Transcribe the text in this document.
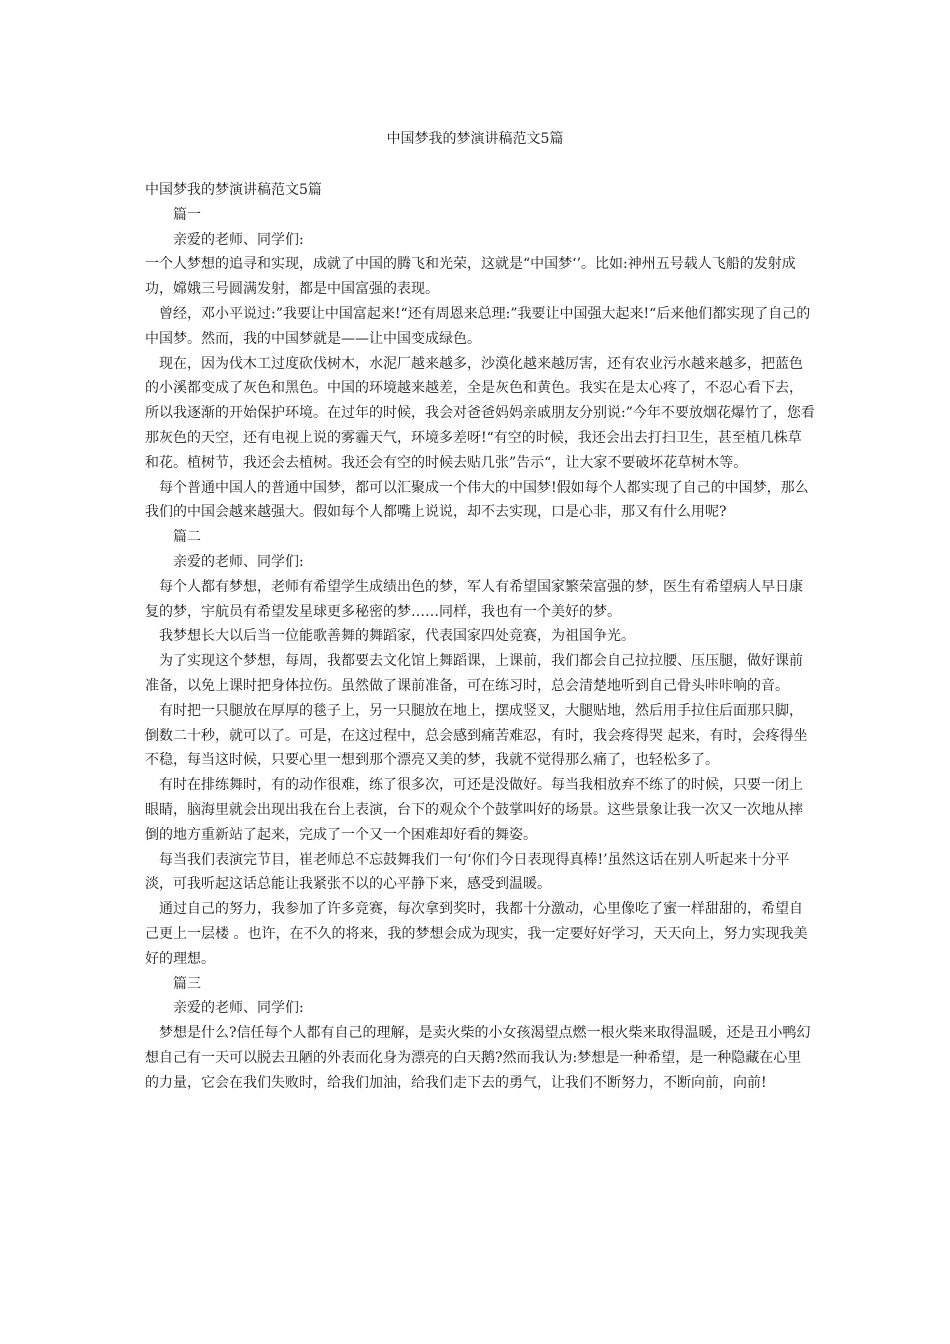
中国梦我的梦演讲稿范文5篇

中国梦我的梦演讲稿范文5篇

篇一

亲爱的老师、同学们:

一个人梦想的追寻和实现，成就了中国的腾飞和光荣，这就是“中国梦‘’。比如:神州五号载人飞船的发射成功，嫦娥三号圆满发射，都是中国富强的表现。

曾经，邓小平说过:”我要让中国富起来!“还有周恩来总理:”我要让中国强大起来!“后来他们都实现了自己的中国梦。然而，我的中国梦就是——让中国变成绿色。

现在，因为伐木工过度砍伐树木，水泥厂越来越多，沙漠化越来越厉害，还有农业污水越来越多，把蓝色的小溪都变成了灰色和黑色。中国的环境越来越差，全是灰色和黄色。我实在是太心疼了，不忍心看下去，所以我逐渐的开始保护环境。在过年的时候，我会对爸爸妈妈亲戚朋友分别说:”今年不要放烟花爆竹了，您看那灰色的天空，还有电视上说的雾霾天气，环境多差呀!“有空的时候，我还会出去打扫卫生，甚至植几株草和花。植树节，我还会去植树。我还会有空的时候去贴几张”告示“，让大家不要破坏花草树木等。

每个普通中国人的普通中国梦，都可以汇聚成一个伟大的中国梦!假如每个人都实现了自己的中国梦，那么我们的中国会越来越强大。假如每个人都嘴上说说，却不去实现，口是心非，那又有什么用呢?

篇二

亲爱的老师、同学们:

每个人都有梦想，老师有希望学生成绩出色的梦，军人有希望国家繁荣富强的梦，医生有希望病人早日康复的梦，宇航员有希望发星球更多秘密的梦……同样，我也有一个美好的梦。

我梦想长大以后当一位能歌善舞的舞蹈家，代表国家四处竞赛，为祖国争光。

为了实现这个梦想，每周，我都要去文化馆上舞蹈课，上课前，我们都会自己拉拉腰、压压腿，做好课前准备，以免上课时把身体拉伤。虽然做了课前准备，可在练习时，总会清楚地听到自己骨头咔咔响的音。

有时把一只腿放在厚厚的毯子上，另一只腿放在地上，摆成竖叉，大腿贴地，然后用手拉住后面那只脚，倒数二十秒，就可以了。可是，在这过程中，总会感到痛苦难忍，有时，我会疼得哭 起来，有时，会疼得坐不稳，每当这时候，只要心里一想到那个漂亮又美的梦，我就不觉得那么痛了，也轻松多了。

有时在排练舞时，有的动作很难，练了很多次，可还是没做好。每当我相放弃不练了的时候，只要一闭上眼睛，脑海里就会出现出我在台上表演，台下的观众个个鼓掌叫好的场景。这些景象让我一次又一次地从摔倒的地方重新站了起来，完成了一个又一个困难却好看的舞姿。

每当我们表演完节目，崔老师总不忘鼓舞我们一句‘你们今日表现得真棒!’虽然这话在别人听起来十分平淡，可我听起这话总能让我紧张不以的心平静下来，感受到温暖。

通过自己的努力，我参加了许多竞赛，每次拿到奖时，我都十分激动，心里像吃了蜜一样甜甜的，希望自己更上一层楼 。也许，在不久的将来，我的梦想会成为现实，我一定要好好学习，天天向上，努力实现我美好的理想。

篇三

亲爱的老师、同学们:

梦想是什么?信任每个人都有自己的理解，是卖火柴的小女孩渴望点燃一根火柴来取得温暖，还是丑小鸭幻想自己有一天可以脱去丑陋的外表而化身为漂亮的白天鹅?然而我认为:梦想是一种希望，是一种隐藏在心里的力量，它会在我们失败时，给我们加油，给我们走下去的勇气，让我们不断努力，不断向前，向前!
